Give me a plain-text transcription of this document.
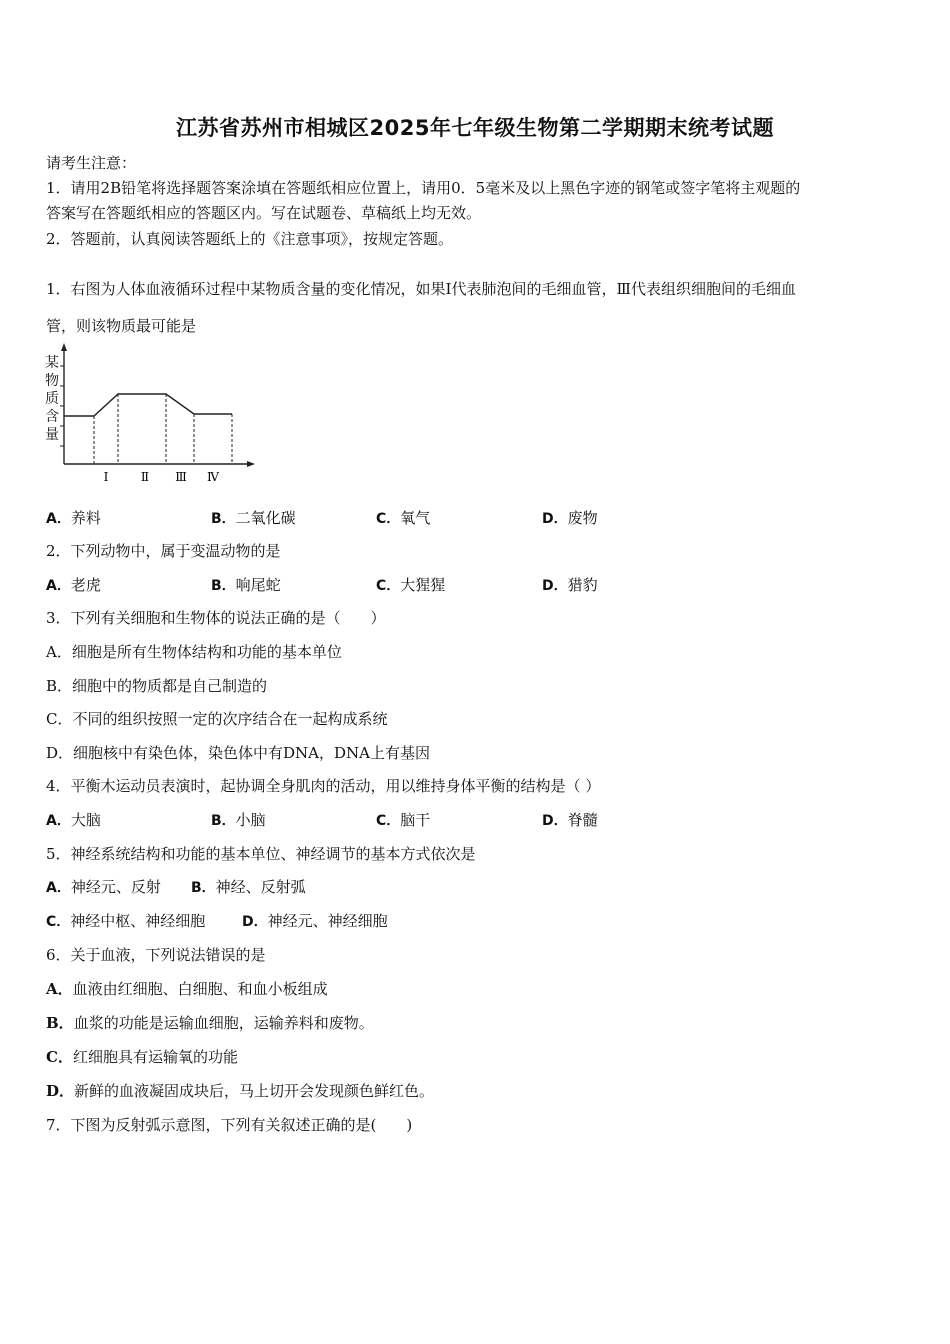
江苏省苏州市相城区2025年七年级生物第二学期期末统考试题
请考生注意：
1．请用2B铅笔将选择题答案涂填在答题纸相应位置上，请用0．5毫米及以上黑色字迹的钢笔或签字笔将主观题的
答案写在答题纸相应的答题区内。写在试题卷、草稿纸上均无效。
2．答题前，认真阅读答题纸上的《注意事项》，按规定答题。
1．右图为人体血液循环过程中某物质含量的变化情况，如果Ⅰ代表肺泡间的毛细血管，Ⅲ代表组织细胞间的毛细血
管，则该物质最可能是
某物质含量
Ⅰ	Ⅱ Ⅲ Ⅳ
A．养料	B．二氧化碳	C．氧气	D．废物
2．下列动物中，属于变温动物的是
A．老虎	B．响尾蛇	C．大猩猩	D．猎豹
3．下列有关细胞和生物体的说法正确的是（　　）
A．细胞是所有生物体结构和功能的基本单位
B．细胞中的物质都是自己制造的
C．不同的组织按照一定的次序结合在一起构成系统
D．细胞核中有染色体，染色体中有DNA，DNA上有基因
4．平衡木运动员表演时，起协调全身肌肉的活动，用以维持身体平衡的结构是（ ）
A．大脑	B．小脑	C．脑干	D．脊髓
5．神经系统结构和功能的基本单位、神经调节的基本方式依次是
A．神经元、反射 B．神经、反射弧
C．神经中枢、神经细胞	D．神经元、神经细胞
6．关于血液，下列说法错误的是
A．血液由红细胞、白细胞、和血小板组成
B．血浆的功能是运输血细胞，运输养料和废物。
C．红细胞具有运输氧的功能
D．新鲜的血液凝固成块后，马上切开会发现颜色鲜红色。
7．下图为反射弧示意图，下列有关叙述正确的是(　　)
